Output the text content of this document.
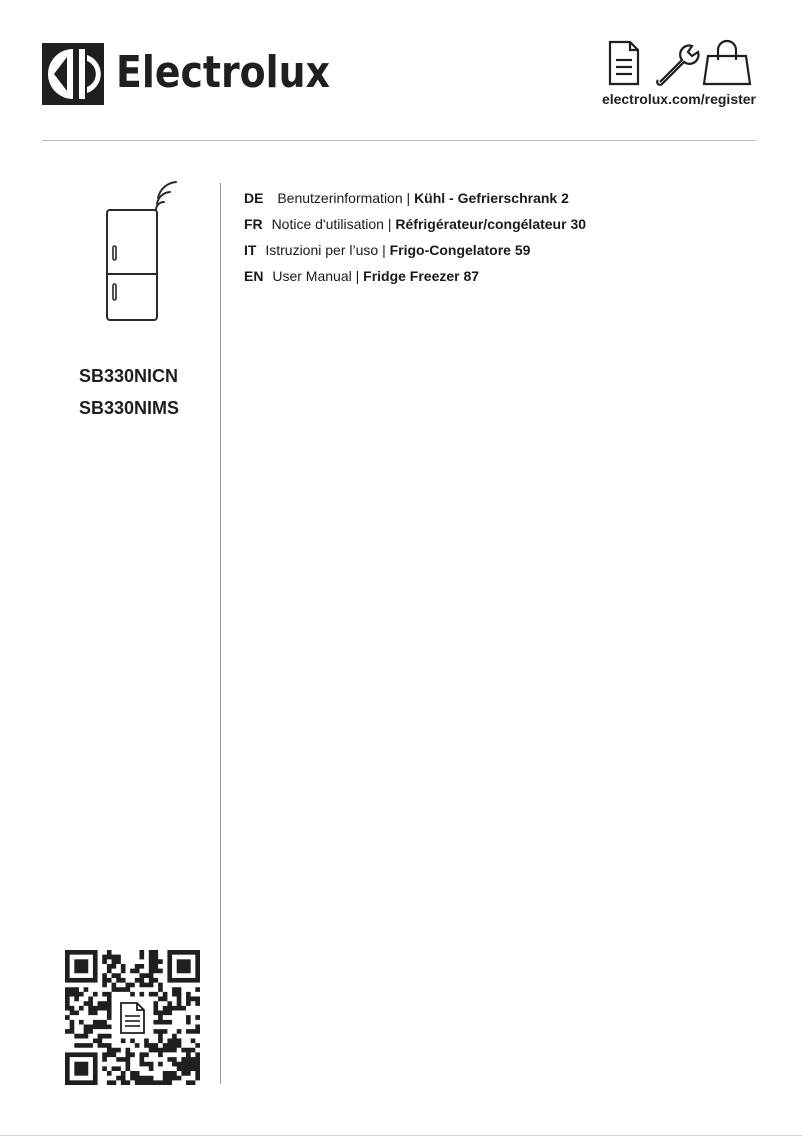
Electrolux
electrolux.com/register
SB330NICN
SB330NIMS
DE Benutzerinformation | Kühl - Gefrierschrank 2
FR Notice d'utilisation | Réfrigérateur/congélateur 30
IT Istruzioni per l’uso | Frigo-Congelatore 59
EN User Manual | Fridge Freezer 87
